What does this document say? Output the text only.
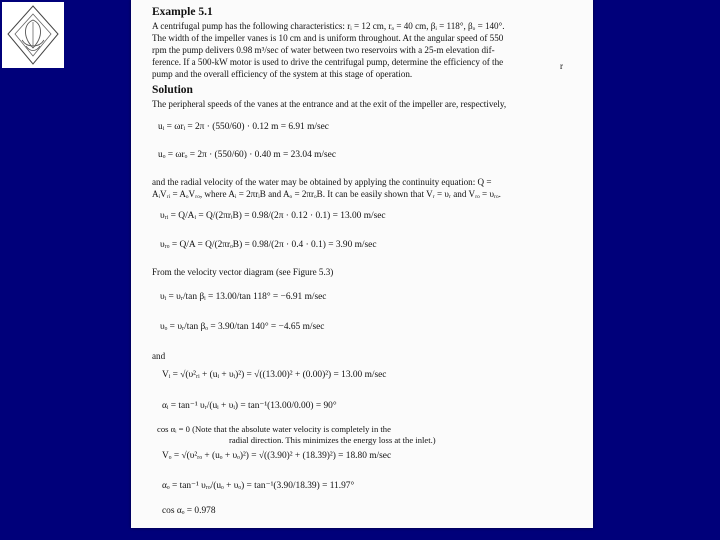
Example 5.1
A centrifugal pump has the following characteristics: rᵢ = 12 cm, rₒ = 40 cm, βᵢ = 118°, βₒ = 140°.
The width of the impeller vanes is 10 cm and is uniform throughout. At the angular speed of 550
rpm the pump delivers 0.98 m³/sec of water between two reservoirs with a 25-m elevation dif-
ference. If a 500-kW motor is used to drive the centrifugal pump, determine the efficiency of the
pump and the overall efficiency of the system at this stage of operation.
r
Solution
The peripheral speeds of the vanes at the entrance and at the exit of the impeller are, respectively,
uᵢ = ωrᵢ = 2π · (550/60) · 0.12 m = 6.91 m/sec
uₒ = ωrₒ = 2π · (550/60) · 0.40 m = 23.04 m/sec
and the radial velocity of the water may be obtained by applying the continuity equation: Q =
AᵢVᵣᵢ = AₒVᵣₒ, where Aᵢ = 2πrᵢB and Aₒ = 2πrₒB. It can be easily shown that Vᵣ = υᵣ and Vᵣₒ = υᵣₒ.
υᵣᵢ = Q/Aᵢ = Q/(2πrᵢB) = 0.98/(2π · 0.12 · 0.1) = 13.00 m/sec
υᵣₒ = Q/A = Q/(2πrₒB) = 0.98/(2π · 0.4 · 0.1) = 3.90 m/sec
From the velocity vector diagram (see Figure 5.3)
υᵢ = υᵣ/tan βᵢ = 13.00/tan 118° = −6.91 m/sec
υₒ = υᵣ/tan βₒ = 3.90/tan 140° = −4.65 m/sec
and
Vᵢ = √(υ²ᵣᵢ + (uᵢ + υᵢ)²) = √((13.00)² + (0.00)²) = 13.00 m/sec
αᵢ = tan⁻¹ υᵣ/(uᵢ + υᵢ) = tan⁻¹(13.00/0.00) = 90°
cos αᵢ = 0 (Note that the absolute water velocity is completely in the
radial direction. This minimizes the energy loss at the inlet.)
Vₒ = √(υ²ᵣₒ + (uₒ + υₒ)²) = √((3.90)² + (18.39)²) = 18.80 m/sec
αₒ = tan⁻¹ υᵣₒ/(uₒ + υₒ) = tan⁻¹(3.90/18.39) = 11.97°
cos αₒ = 0.978
